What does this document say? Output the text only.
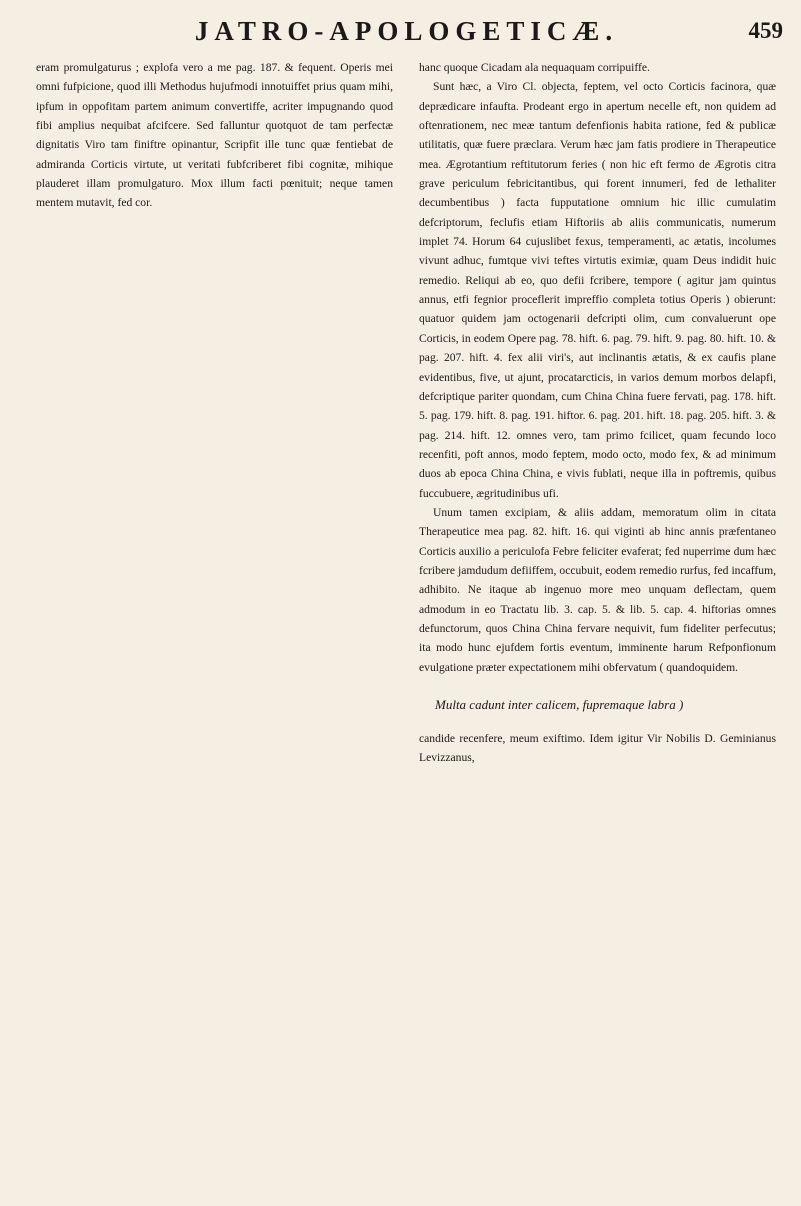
JATRO-APOLOGETICÆ.	459

eram promulgaturus ; explofa vero a me pag. 187. & fequent. Operis mei omni fufpicione, quod illi Methodus hujufmodi innotuiffet prius quam mihi, ipfum in oppofitam partem animum convertiffe, acriter impugnando quod fibi amplius nequibat afcifcere. Sed falluntur quotquot de tam perfectæ dignitatis Viro tam finiftre opinantur, Scripfit ille tunc quæ fentiebat de admiranda Corticis virtute, ut veritati fubfcriberet fibi cognitæ, mihique plauderet illam promulgaturo. Mox illum facti pœnituit; neque tamen mentem mutavit, fed cor.

hanc quoque Cicadam ala nequaquam corripuiffe.

Sunt hæc, a Viro Cl. objecta, feptem, vel octo Corticis facinora, quæ deprædicare infaufta. Prodeant ergo in apertum necelle eft, non quidem ad oftenrationem, nec meæ tantum defenfionis habita ratione, fed & publicæ utilitatis, quæ fuere præclara. Verum hæc jam fatis prodiere in Therapeutice mea. Ægrotantium reftitutorum feries ( non hic eft fermo de Ægrotis citra grave periculum febricitantibus, qui forent innumeri, fed de lethaliter decumbentibus ) facta fupputatione omnium hic illic cumulatim defcriptorum, feclufis etiam Hiftoriis ab aliis communicatis, numerum implet 74. Horum 64 cujuslibet fexus, temperamenti, ac ætatis, incolumes vivunt adhuc, fumtque vivi teftes virtutis eximiæ, quam Deus indidit huic remedio. Reliqui ab eo, quo defii fcribere, tempore ( agitur jam quintus annus, etfi fegnior proceflerit impreffio completa totius Operis ) obierunt: quatuor quidem jam octogenarii defcripti olim, cum convaluerunt ope Corticis, in eodem Opere pag. 78. hift. 6. pag. 79. hift. 9. pag. 80. hift. 10. & pag. 207. hift. 4. fex alii viri's, aut inclinantis ætatis, & ex caufis plane evidentibus, five, ut ajunt, procatarcticis, in varios demum morbos delapfi, defcriptique pariter quondam, cum China China fuere fervati, pag. 178. hift. 5. pag. 179. hift. 8. pag. 191. hiftor. 6. pag. 201. hift. 18. pag. 205. hift. 3. & pag. 214. hift. 12. omnes vero, tam primo fcilicet, quam fecundo loco recenfiti, poft annos, modo feptem, modo octo, modo fex, & ad minimum duos ab epoca China China, e vivis fublati, neque illa in poftremis, quibus fuccubuere, ægritudinibus ufi.

Unum tamen excipiam, & aliis addam, memoratum olim in citata Therapeutice mea pag. 82. hift. 16. qui viginti ab hinc annis præfentaneo Corticis auxilio a periculofa Febre feliciter evaferat; fed nuperrime dum hæc fcribere jamdudum defiiffem, occubuit, eodem remedio rurfus, fed incaffum, adhibito. Ne itaque ab ingenuo more meo unquam deflectam, quem admodum in eo Tractatu lib. 3. cap. 5. & lib. 5. cap. 4. hiftorias omnes defunctorum, quos China China fervare nequivit, fum fideliter perfecutus; ita modo hunc ejufdem fortis eventum, imminente harum Refponfionum evulgatione præter expectationem mihi obfervatum ( quandoquidem.

Multa cadunt inter calicem, fupremaque labra )

candide recenfere, meum exiftimo. Idem igitur Vir Nobilis D. Geminianus Levizzanus,
